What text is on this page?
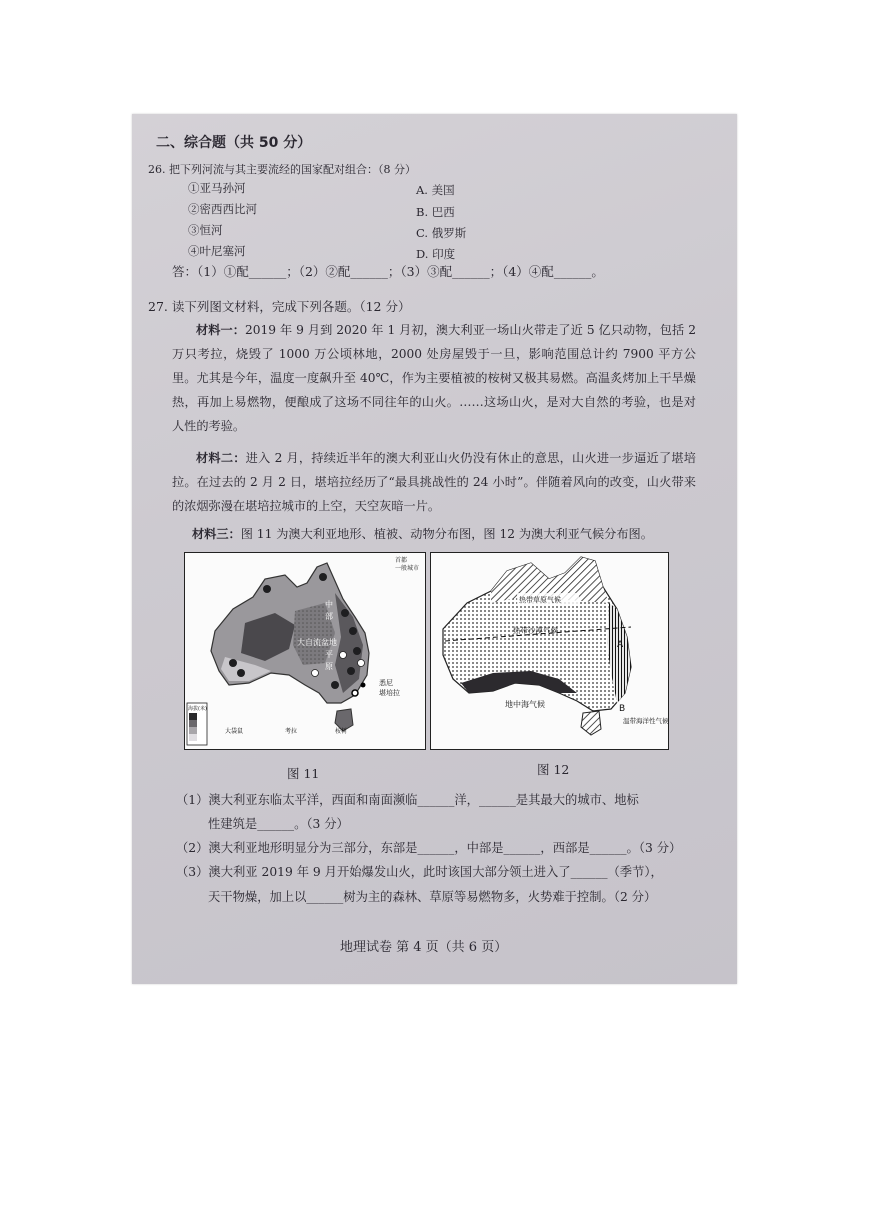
二、综合题（共 50 分）
26. 把下列河流与其主要流经的国家配对组合：（8 分）
①亚马孙河
②密西西比河
③恒河
④叶尼塞河
A. 美国
B. 巴西
C. 俄罗斯
D. 印度
答：（1）①配______；（2）②配______；（3）③配______；（4）④配______。
27. 读下列图文材料，完成下列各题。（12 分）
材料一：2019 年 9 月到 2020 年 1 月初，澳大利亚一场山火带走了近 5 亿只动物，包括 2 万只考拉，烧毁了 1000 万公顷林地，2000 处房屋毁于一旦，影响范围总计约 7900 平方公里。尤其是今年，温度一度飙升至 40℃，作为主要植被的桉树又极其易燃。高温炙烤加上干旱燥热，再加上易燃物，便酿成了这场不同往年的山火。……这场山火，是对大自然的考验，也是对人性的考验。
材料二：进入 2 月，持续近半年的澳大利亚山火仍没有休止的意思，山火进一步逼近了堪培拉。在过去的 2 月 2 日，堪培拉经历了“最具挑战性的 24 小时”。伴随着风向的改变，山火带来的浓烟弥漫在堪培拉城市的上空，天空灰暗一片。
材料三：图 11 为澳大利亚地形、植被、动物分布图，图 12 为澳大利亚气候分布图。
首都
一般城市
大自流盆地
中
部
平
原
悉尼
堪培拉
海拔(米)
大袋鼠	考拉	桉树
热带草原气候
热带沙漠气候
地中海气候
温带海洋性气候
A
B
图 11	图 12
（1）澳大利亚东临太平洋，西面和南面濒临______洋，______是其最大的城市、地标
性建筑是______。（3 分）
（2）澳大利亚地形明显分为三部分，东部是______，中部是______，西部是______。（3 分）
（3）澳大利亚 2019 年 9 月开始爆发山火，此时该国大部分领土进入了______（季节），
天干物燥，加上以______树为主的森林、草原等易燃物多，火势难于控制。（2 分）
地理试卷 第 4 页（共 6 页）
